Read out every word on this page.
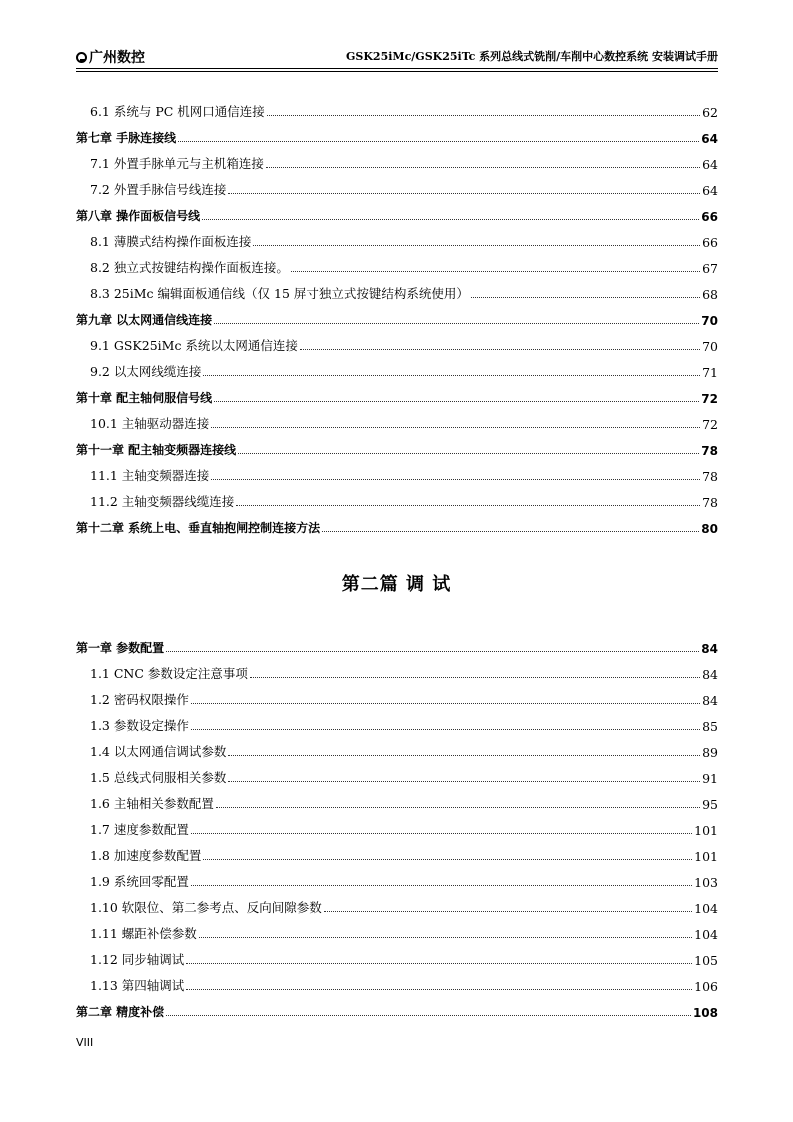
广州数控	GSK25iMc/GSK25iTc 系列总线式铣削/车削中心数控系统 安装调试手册
6.1 系统与 PC 机网口通信连接	62
第七章 手脉连接线	64
7.1 外置手脉单元与主机箱连接	64
7.2 外置手脉信号线连接	64
第八章 操作面板信号线	66
8.1 薄膜式结构操作面板连接	66
8.2 独立式按键结构操作面板连接。	67
8.3 25iMc 编辑面板通信线（仅 15 屏寸独立式按键结构系统使用）	68
第九章 以太网通信线连接	70
9.1 GSK25iMc 系统以太网通信连接	70
9.2 以太网线缆连接	71
第十章 配主轴伺服信号线	72
10.1 主轴驱动器连接	72
第十一章 配主轴变频器连接线	78
11.1 主轴变频器连接	78
11.2 主轴变频器线缆连接	78
第十二章 系统上电、垂直轴抱闸控制连接方法	80
第二篇 调 试
第一章 参数配置	84
1.1 CNC 参数设定注意事项	84
1.2 密码权限操作	84
1.3 参数设定操作	85
1.4 以太网通信调试参数	89
1.5 总线式伺服相关参数	91
1.6 主轴相关参数配置	95
1.7 速度参数配置	101
1.8 加速度参数配置	101
1.9 系统回零配置	103
1.10 软限位、第二参考点、反向间隙参数	104
1.11 螺距补偿参数	104
1.12 同步轴调试	105
1.13 第四轴调试	106
第二章 精度补偿	108
VIII
